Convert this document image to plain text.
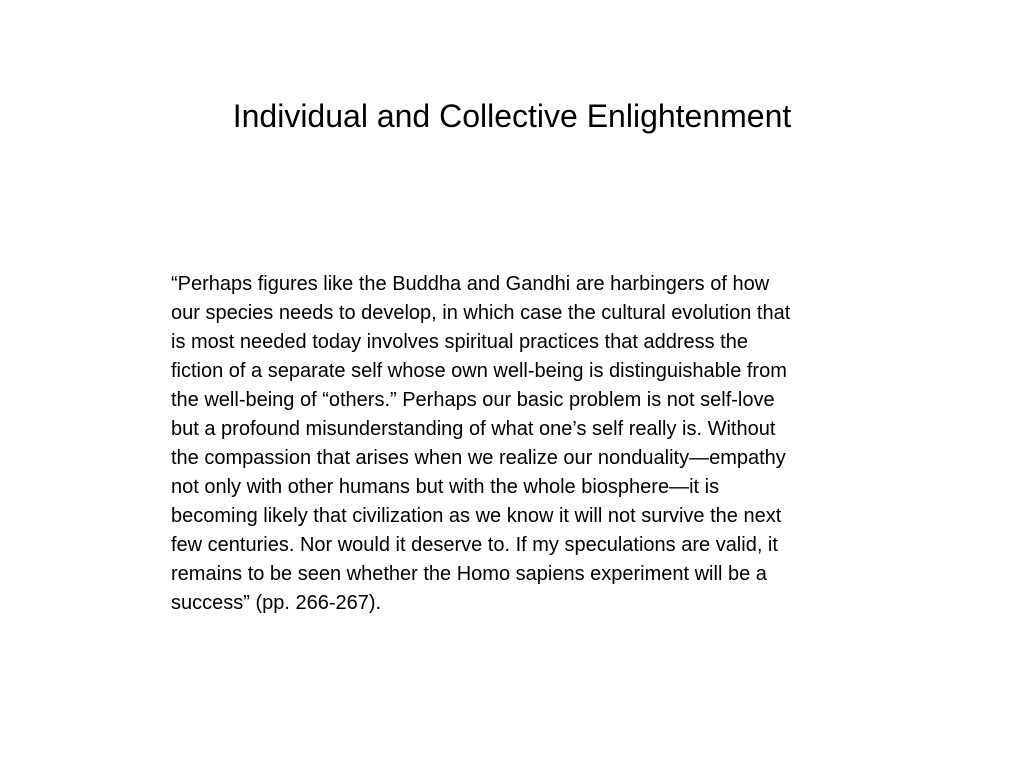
Individual and Collective Enlightenment
“Perhaps figures like the Buddha and Gandhi are harbingers of how
our species needs to develop, in which case the cultural evolution that
is most needed today involves spiritual practices that address the
fiction of a separate self whose own well-being is distinguishable from
the well-being of “others.” Perhaps our basic problem is not self-love
but a profound misunderstanding of what one’s self really is. Without
the compassion that arises when we realize our nonduality—empathy
not only with other humans but with the whole biosphere—it is
becoming likely that civilization as we know it will not survive the next
few centuries. Nor would it deserve to. If my speculations are valid, it
remains to be seen whether the Homo sapiens experiment will be a
success” (pp. 266-267).
